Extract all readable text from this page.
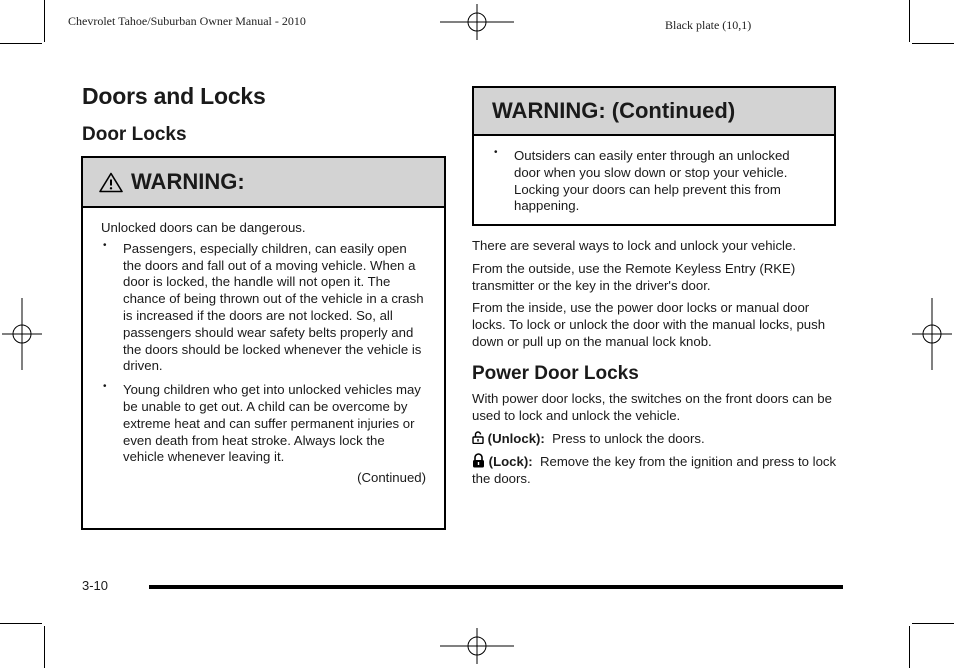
Chevrolet Tahoe/Suburban Owner Manual - 2010	Black plate (10,1)
Doors and Locks
Door Locks
WARNING:

Unlocked doors can be dangerous.

• Passengers, especially children, can easily open the doors and fall out of a moving vehicle. When a door is locked, the handle will not open it. The chance of being thrown out of the vehicle in a crash is increased if the doors are not locked. So, all passengers should wear safety belts properly and the doors should be locked whenever the vehicle is driven.
• Young children who get into unlocked vehicles may be unable to get out. A child can be overcome by extreme heat and can suffer permanent injuries or even death from heat stroke. Always lock the vehicle whenever leaving it.
(Continued)
WARNING: (Continued)
• Outsiders can easily enter through an unlocked door when you slow down or stop your vehicle. Locking your doors can help prevent this from happening.

There are several ways to lock and unlock your vehicle.

From the outside, use the Remote Keyless Entry (RKE) transmitter or the key in the driver's door.

From the inside, use the power door locks or manual door locks. To lock or unlock the door with the manual locks, push down or pull up on the manual lock knob.

Power Door Locks

With power door locks, the switches on the front doors can be used to lock and unlock the vehicle.

(Unlock): Press to unlock the doors.

(Lock): Remove the key from the ignition and press to lock the doors.

3-10
